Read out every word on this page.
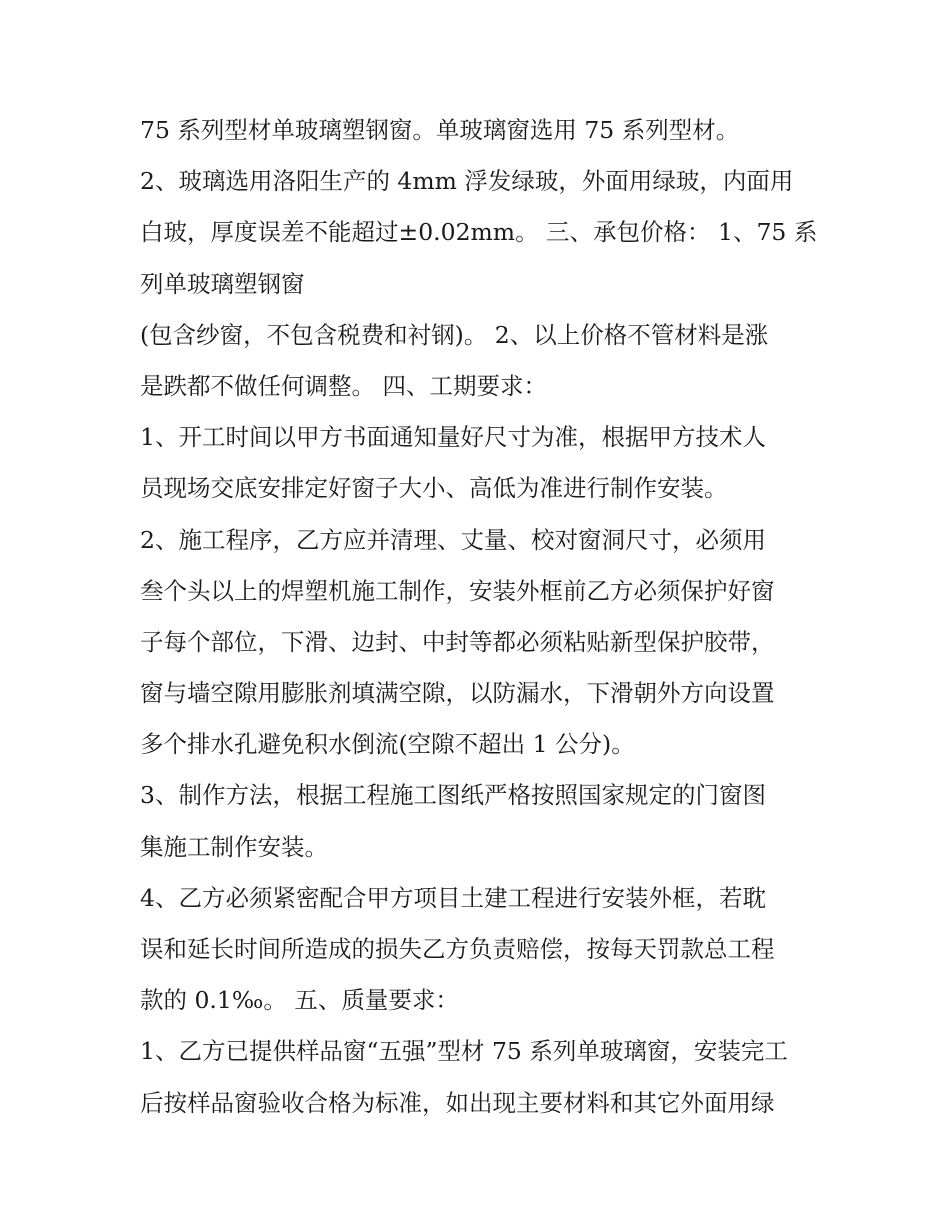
75 系列型材单玻璃塑钢窗。单玻璃窗选用 75 系列型材。
2、玻璃选用洛阳生产的 4mm 浮发绿玻，外面用绿玻，内面用
白玻，厚度误差不能超过±0.02mm。 三、承包价格： 1、75 系
列单玻璃塑钢窗
(包含纱窗，不包含税费和衬钢)。 2、以上价格不管材料是涨
是跌都不做任何调整。 四、工期要求：
1、开工时间以甲方书面通知量好尺寸为准，根据甲方技术人
员现场交底安排定好窗子大小、高低为准进行制作安装。
2、施工程序，乙方应并清理、丈量、校对窗洞尺寸，必须用
叁个头以上的焊塑机施工制作，安装外框前乙方必须保护好窗
子每个部位，下滑、边封、中封等都必须粘贴新型保护胶带，
窗与墙空隙用膨胀剂填满空隙，以防漏水，下滑朝外方向设置
多个排水孔避免积水倒流(空隙不超出 1 公分)。
3、制作方法，根据工程施工图纸严格按照国家规定的门窗图
集施工制作安装。
4、乙方必须紧密配合甲方项目土建工程进行安装外框，若耽
误和延长时间所造成的损失乙方负责赔偿，按每天罚款总工程
款的 0.1‰。 五、质量要求：
1、乙方已提供样品窗“五强”型材 75 系列单玻璃窗，安装完工
后按样品窗验收合格为标准，如出现主要材料和其它外面用绿
